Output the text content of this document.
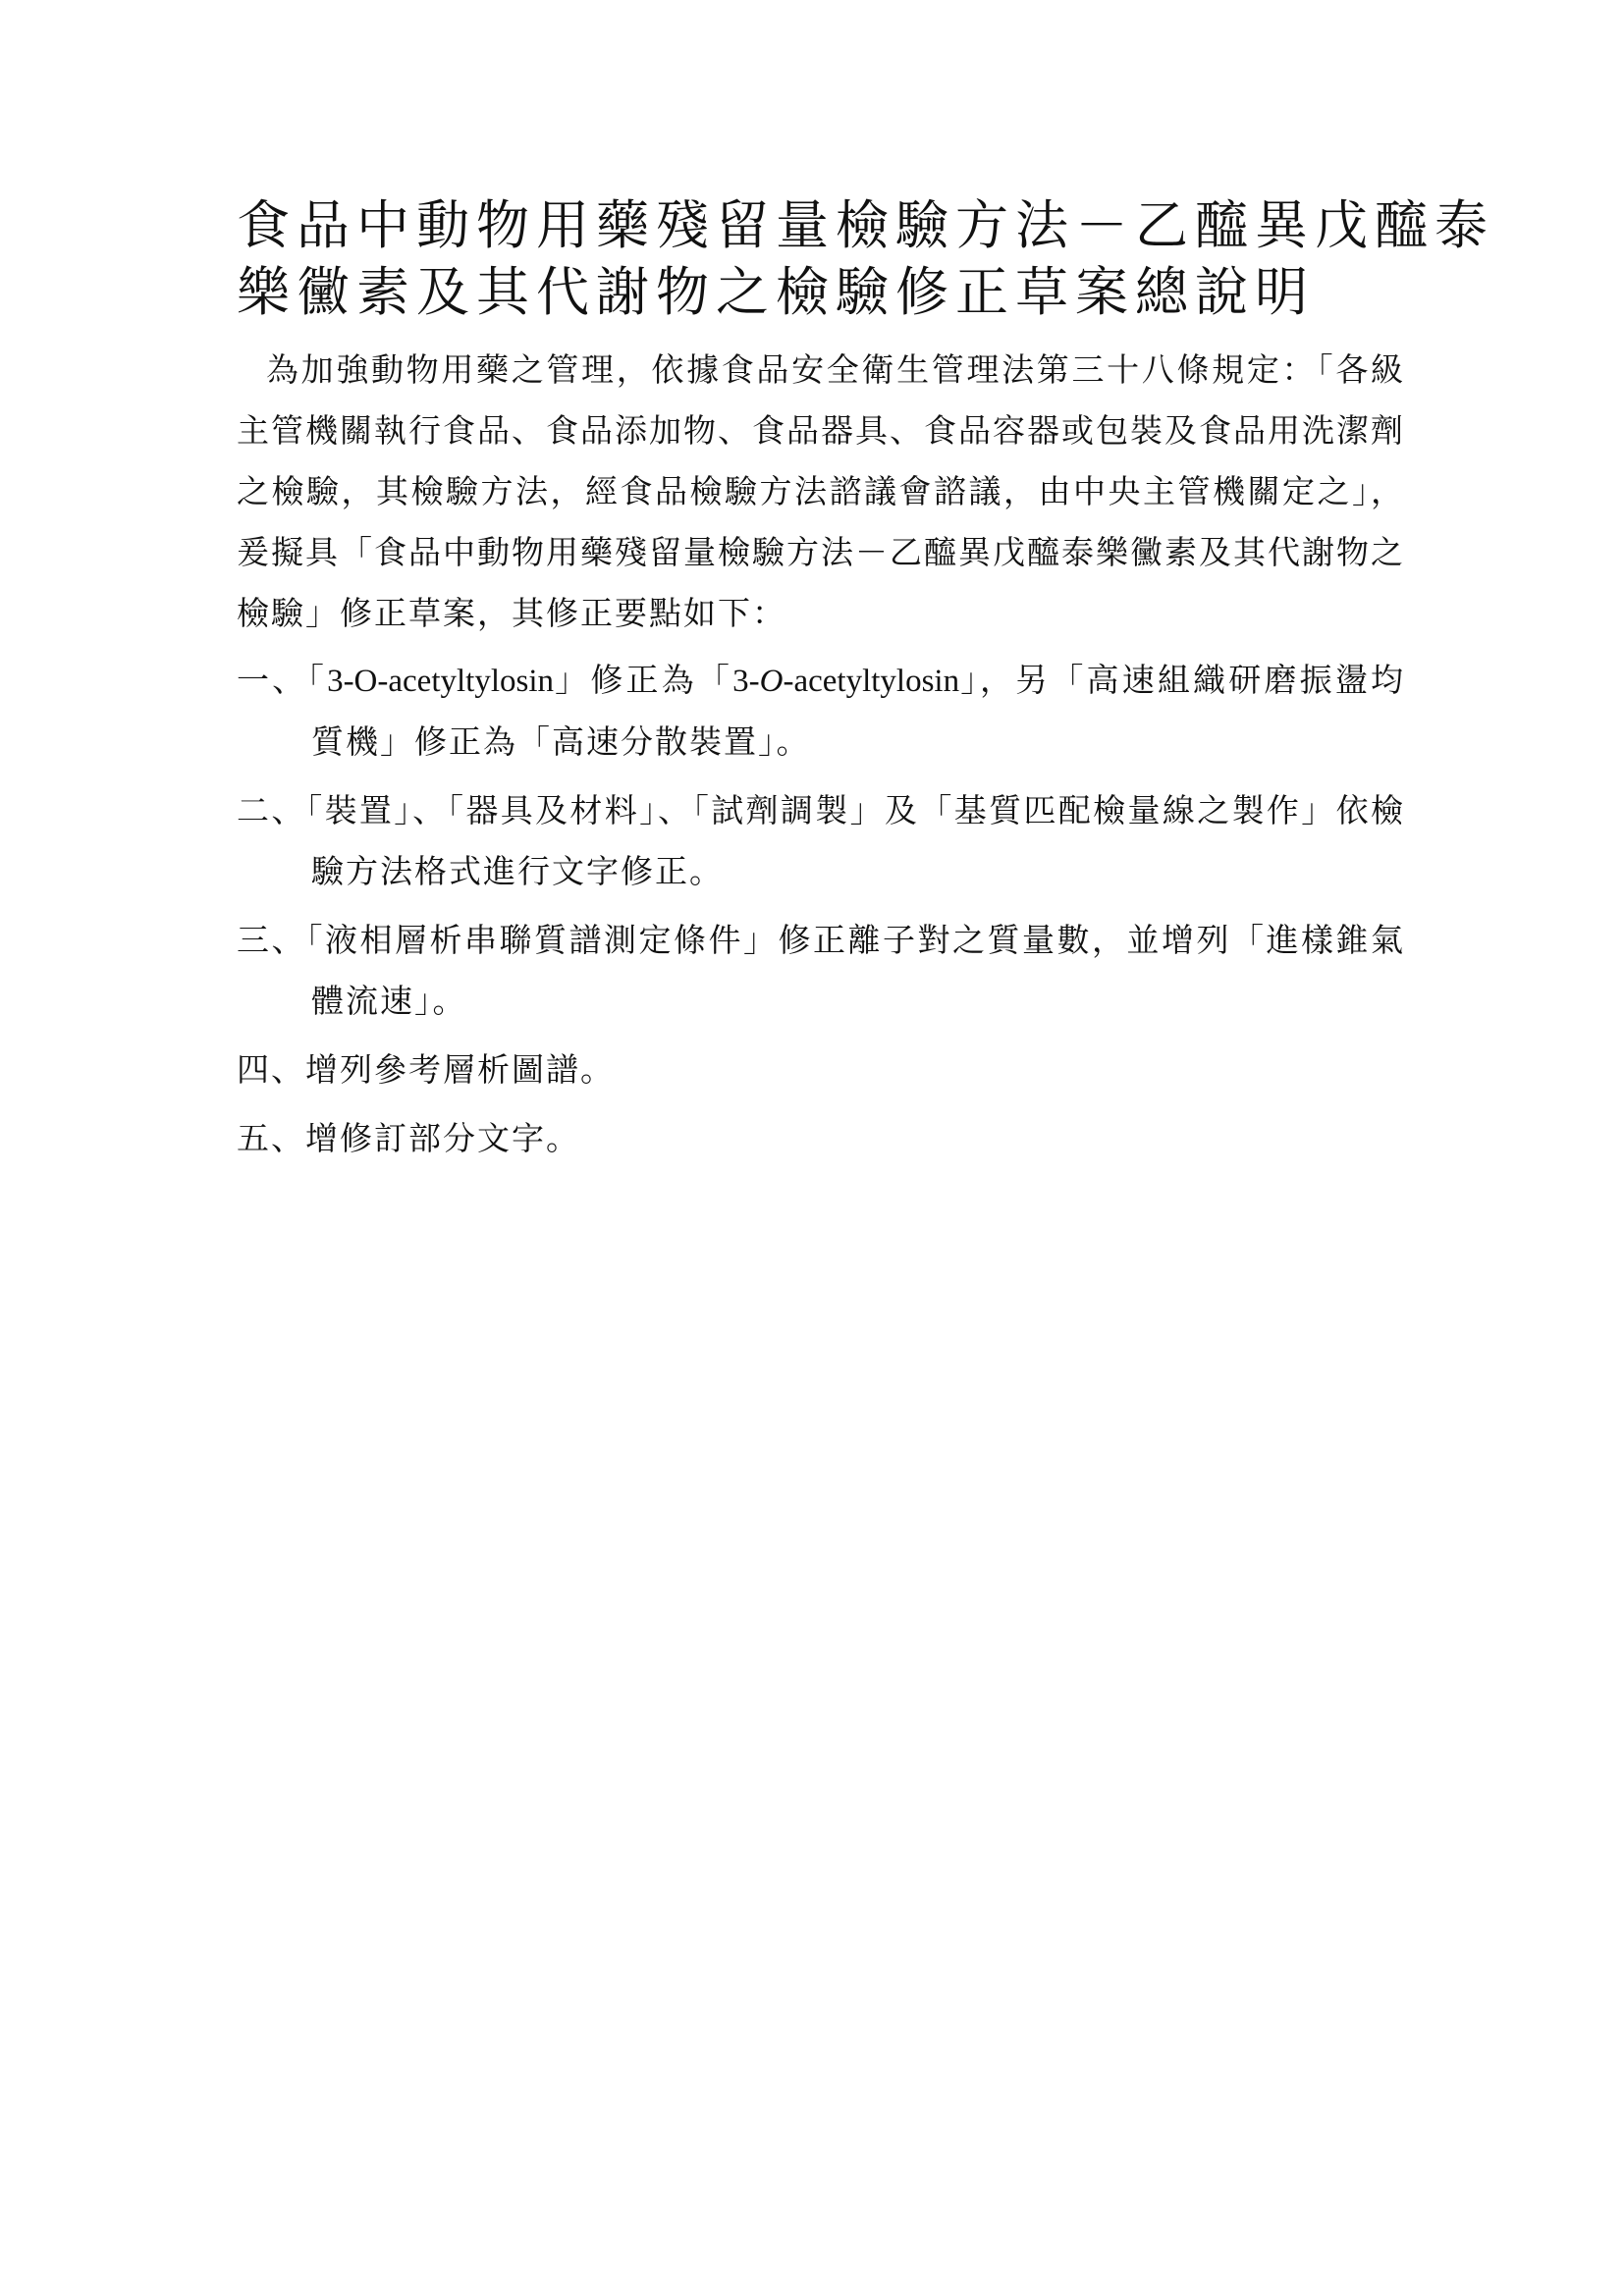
食品中動物用藥殘留量檢驗方法－乙醯異戊醯泰
樂黴素及其代謝物之檢驗修正草案總說明

為加強動物用藥之管理，依據食品安全衛生管理法第三十八條規定：「各級主管機關執行食品、食品添加物、食品器具、食品容器或包裝及食品用洗潔劑之檢驗，其檢驗方法，經食品檢驗方法諮議會諮議，由中央主管機關定之」，爰擬具「食品中動物用藥殘留量檢驗方法－乙醯異戊醯泰樂黴素及其代謝物之檢驗」修正草案，其修正要點如下：

一、「3-O-acetyltylosin」修正為「3-O-acetyltylosin」，另「高速組織研磨振盪均質機」修正為「高速分散裝置」。
二、「裝置」、「器具及材料」、「試劑調製」及「基質匹配檢量線之製作」依檢驗方法格式進行文字修正。
三、「液相層析串聯質譜測定條件」修正離子對之質量數，並增列「進樣錐氣體流速」。
四、增列參考層析圖譜。
五、增修訂部分文字。
